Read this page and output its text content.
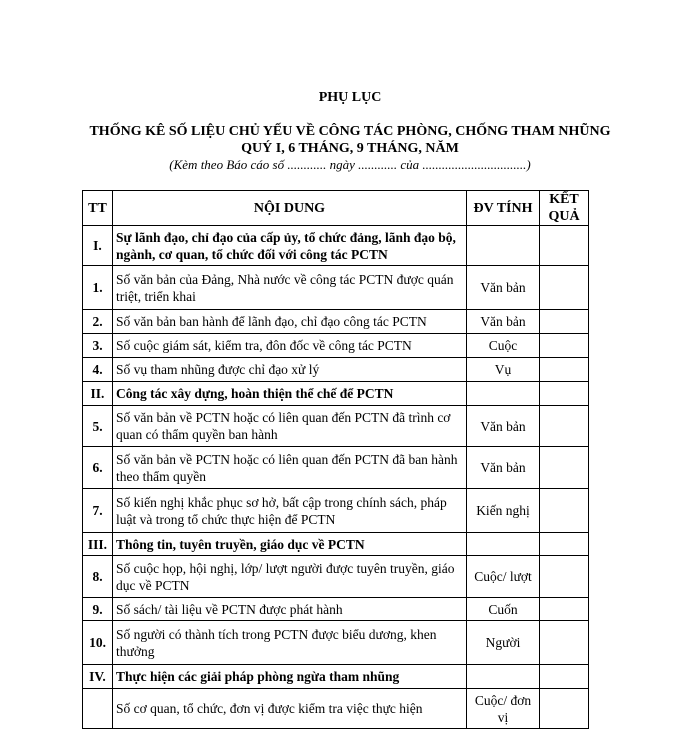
PHỤ LỤC
THỐNG KÊ SỐ LIỆU CHỦ YẾU VỀ CÔNG TÁC PHÒNG, CHỐNG THAM NHŨNG
QUÝ I, 6 THÁNG, 9 THÁNG, NĂM
(Kèm theo Báo cáo số ............ ngày ............ của ................................)
TT	NỘI DUNG	ĐV TÍNH	KẾT QUẢ
I.	Sự lãnh đạo, chỉ đạo của cấp ủy, tổ chức đảng, lãnh đạo bộ, ngành, cơ quan, tổ chức đối với công tác PCTN		
1.	Số văn bản của Đảng, Nhà nước về công tác PCTN được quán triệt, triển khai	Văn bản	
2.	Số văn bản ban hành để lãnh đạo, chỉ đạo công tác PCTN	Văn bản	
3.	Số cuộc giám sát, kiểm tra, đôn đốc về công tác PCTN	Cuộc	
4.	Số vụ tham nhũng được chỉ đạo xử lý	Vụ	
II.	Công tác xây dựng, hoàn thiện thể chế để PCTN		
5.	Số văn bản về PCTN hoặc có liên quan đến PCTN đã trình cơ quan có thẩm quyền ban hành	Văn bản	
6.	Số văn bản về PCTN hoặc có liên quan đến PCTN đã ban hành theo thẩm quyền	Văn bản	
7.	Số kiến nghị khắc phục sơ hở, bất cập trong chính sách, pháp luật và trong tổ chức thực hiện để PCTN	Kiến nghị	
III.	Thông tin, tuyên truyền, giáo dục về PCTN		
8.	Số cuộc họp, hội nghị, lớp/ lượt người được tuyên truyền, giáo dục về PCTN	Cuộc/ lượt	
9.	Số sách/ tài liệu về PCTN được phát hành	Cuốn	
10.	Số người có thành tích trong PCTN được biểu dương, khen thưởng	Người	
IV.	Thực hiện các giải pháp phòng ngừa tham nhũng		
	Số cơ quan, tổ chức, đơn vị được kiểm tra việc thực hiện	Cuộc/ đơn vị	
